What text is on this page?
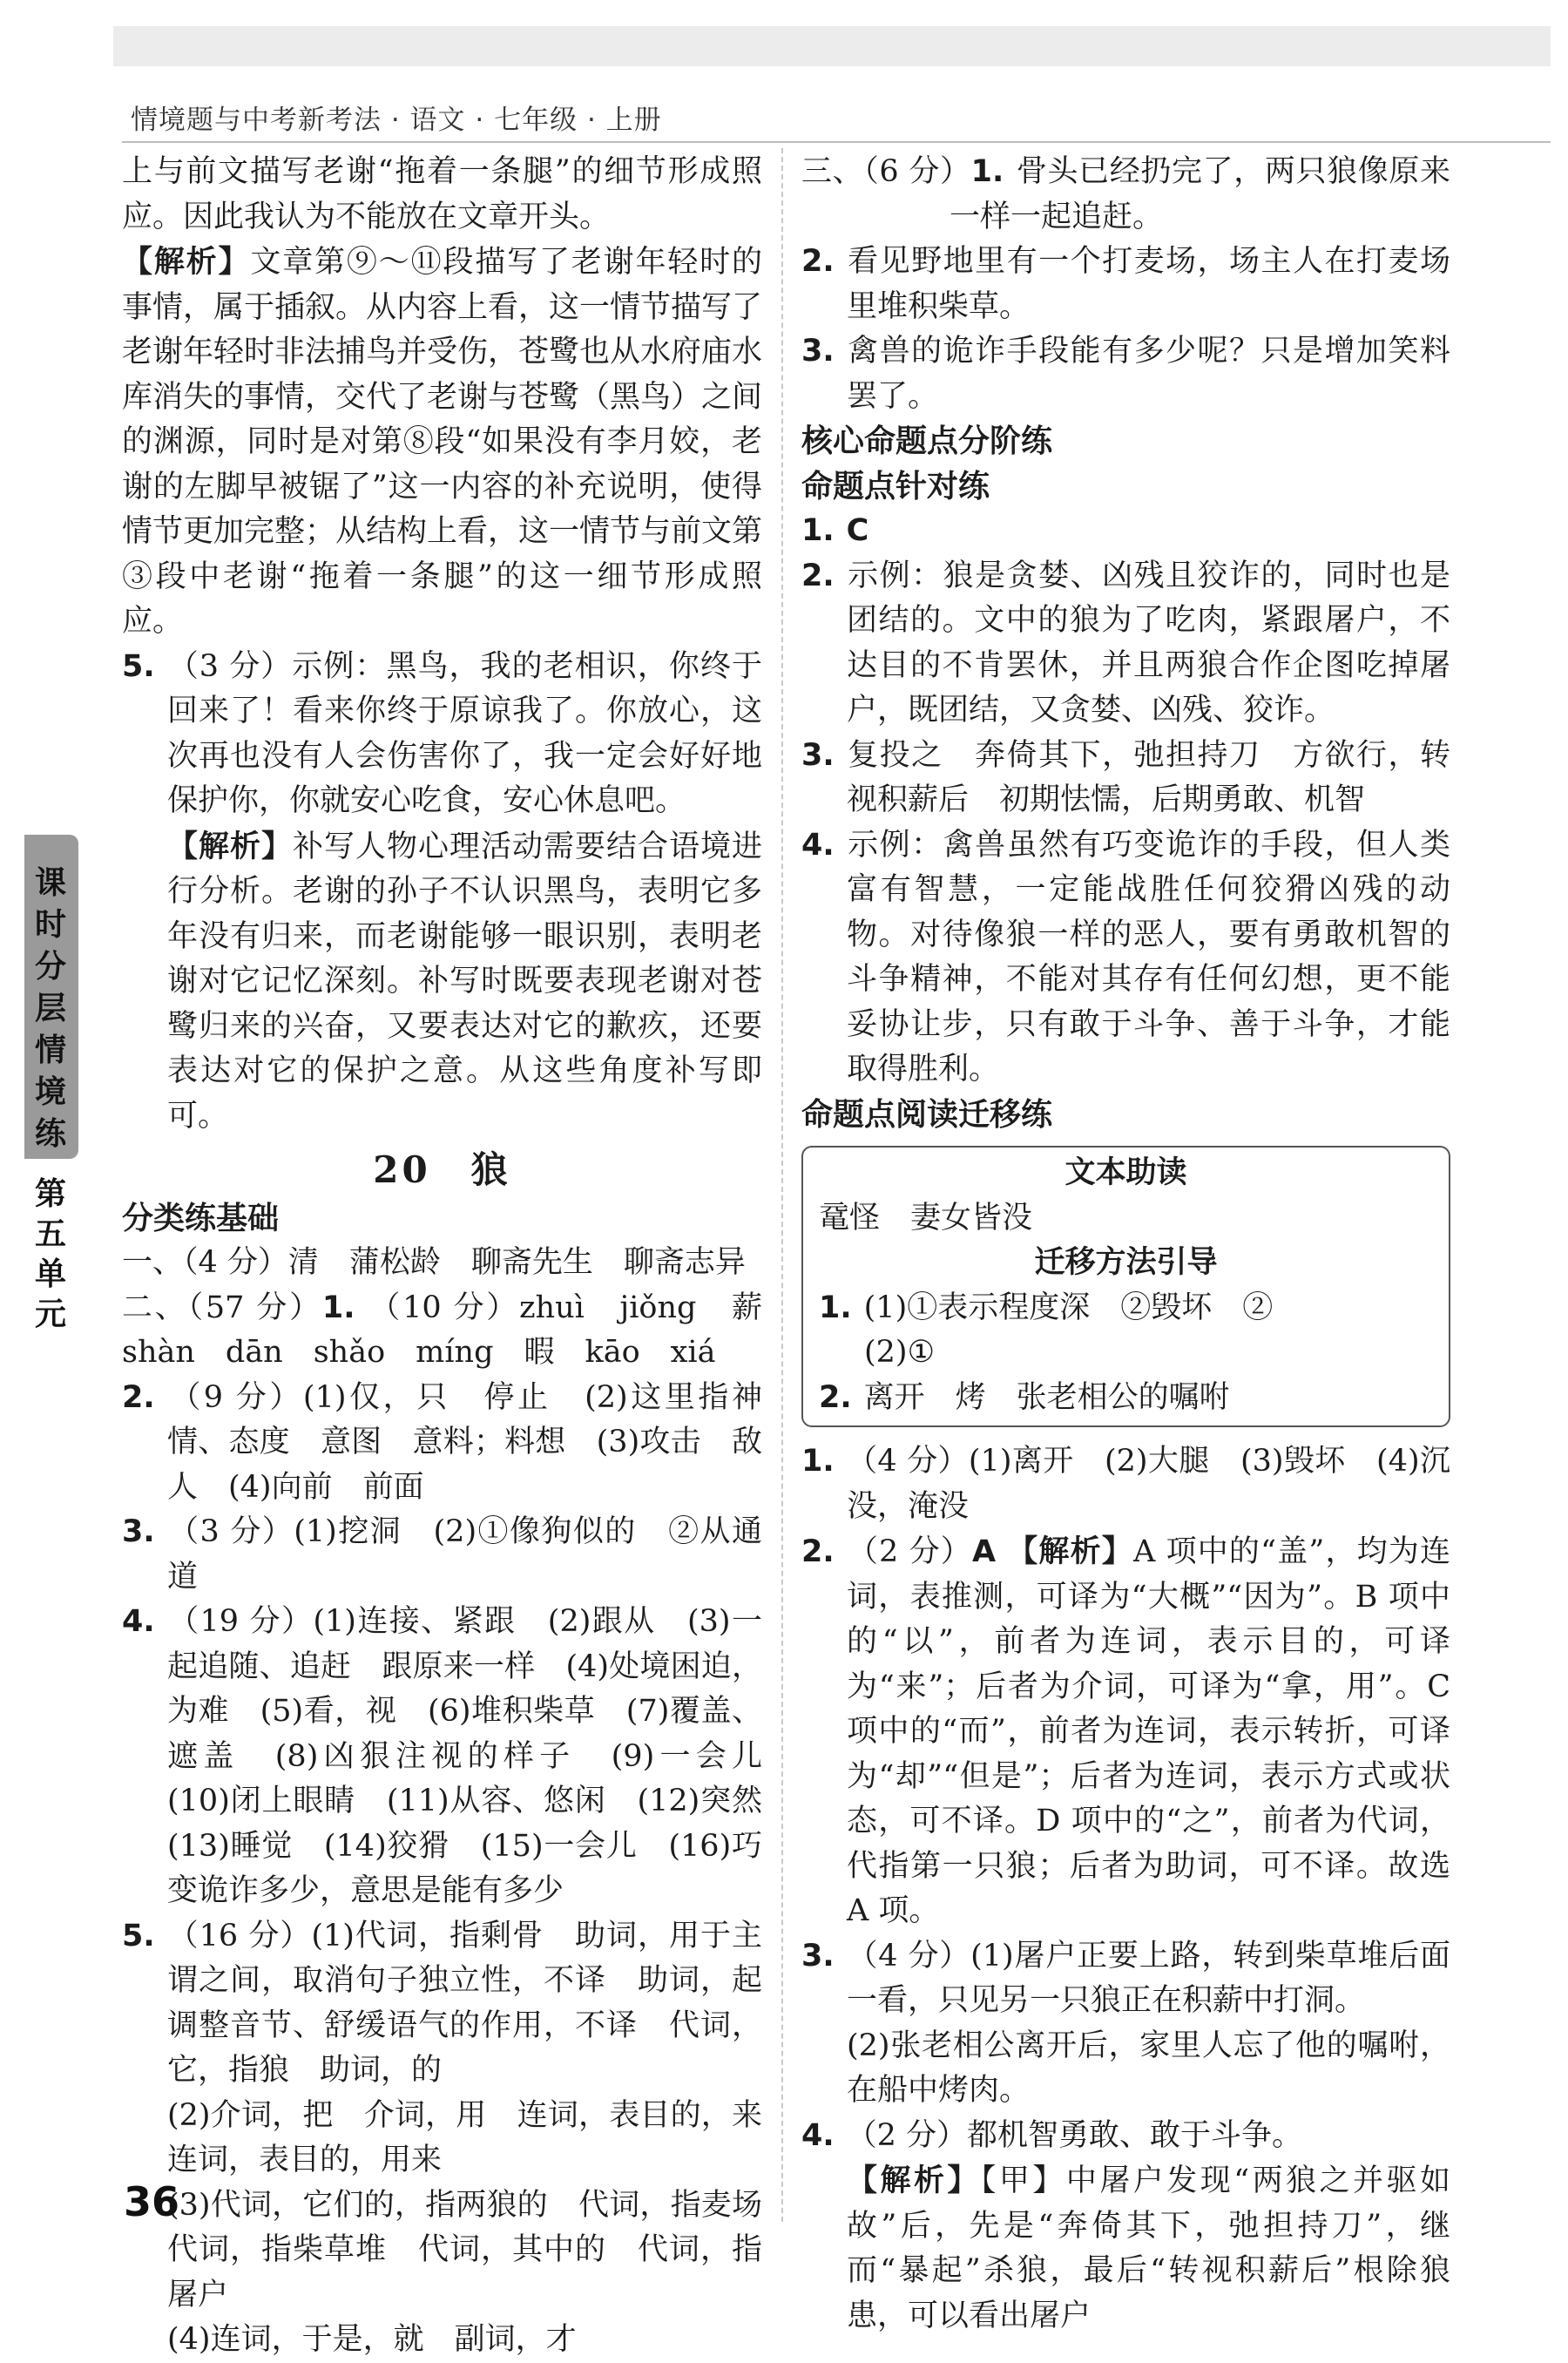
情境题与中考新考法 · 语文 · 七年级 · 上册

上与前文描写老谢“拖着一条腿”的细节形成照应。因此我认为不能放在文章开头。

【解析】文章第⑨～⑪段描写了老谢年轻时的事情，属于插叙。从内容上看，这一情节描写了老谢年轻时非法捕鸟并受伤，苍鹭也从水府庙水库消失的事情，交代了老谢与苍鹭（黑鸟）之间的渊源，同时是对第⑧段“如果没有李月姣，老谢的左脚早被锯了”这一内容的补充说明，使得情节更加完整；从结构上看，这一情节与前文第③段中老谢“拖着一条腿”的这一细节形成照应。

5. （3 分）示例：黑鸟，我的老相识，你终于回来了！看来你终于原谅我了。你放心，这次再也没有人会伤害你了，我一定会好好地保护你，你就安心吃食，安心休息吧。

【解析】补写人物心理活动需要结合语境进行分析。老谢的孙子不认识黑鸟，表明它多年没有归来，而老谢能够一眼识别，表明老谢对它记忆深刻。补写时既要表现老谢对苍鹭归来的兴奋，又要表达对它的歉疚，还要表达对它的保护之意。从这些角度补写即可。

20　狼

分类练基础

一、（4 分）清　蒲松龄　聊斋先生　聊斋志异

二、（57 分）1. （10 分）zhuì　jiǒng　薪　shàn　dān　shǎo　míng　暇　kāo　xiá

2. （9 分）(1)仅，只　停止　(2)这里指神情、态度　意图　意料；料想　(3)攻击　敌人　(4)向前　前面

3. （3 分）(1)挖洞　(2)①像狗似的　②从通道

4. （19 分）(1)连接、紧跟　(2)跟从　(3)一起追随、追赶　跟原来一样　(4)处境困迫，为难　(5)看，视　(6)堆积柴草　(7)覆盖、遮盖　(8)凶狠注视的样子　(9)一会儿　(10)闭上眼睛　(11)从容、悠闲　(12)突然　(13)睡觉　(14)狡猾　(15)一会儿　(16)巧变诡诈多少，意思是能有多少

5. （16 分）(1)代词，指剩骨　助词，用于主谓之间，取消句子独立性，不译　助词，起调整音节、舒缓语气的作用，不译　代词，它，指狼　助词，的

(2)介词，把　介词，用　连词，表目的，来　连词，表目的，用来

(3)代词，它们的，指两狼的　代词，指麦场　代词，指柴草堆　代词，其中的　代词，指屠户

(4)连词，于是，就　副词，才

三、（6 分）1. 骨头已经扔完了，两只狼像原来一样一起追赶。

2. 看见野地里有一个打麦场，场主人在打麦场里堆积柴草。

3. 禽兽的诡诈手段能有多少呢？只是增加笑料罢了。

核心命题点分阶练

命题点针对练

1. C

2. 示例：狼是贪婪、凶残且狡诈的，同时也是团结的。文中的狼为了吃肉，紧跟屠户，不达目的不肯罢休，并且两狼合作企图吃掉屠户，既团结，又贪婪、凶残、狡诈。

3. 复投之　奔倚其下，弛担持刀　方欲行，转视积薪后　初期怯懦，后期勇敢、机智

4. 示例：禽兽虽然有巧变诡诈的手段，但人类富有智慧，一定能战胜任何狡猾凶残的动物。对待像狼一样的恶人，要有勇敢机智的斗争精神，不能对其存有任何幻想，更不能妥协让步，只有敢于斗争、善于斗争，才能取得胜利。

命题点阅读迁移练

文本助读

鼋怪　妻女皆没

迁移方法引导

1. (1)①表示程度深　②毁坏　②

(2)①

2. 离开　烤　张老相公的嘱咐

1. （4 分）(1)离开　(2)大腿　(3)毁坏　(4)沉没，淹没

2. （2 分）A 【解析】A 项中的“盖”，均为连词，表推测，可译为“大概”“因为”。B 项中的“以”，前者为连词，表示目的，可译为“来”；后者为介词，可译为“拿，用”。C 项中的“而”，前者为连词，表示转折，可译为“却”“但是”；后者为连词，表示方式或状态，可不译。D 项中的“之”，前者为代词，代指第一只狼；后者为助词，可不译。故选 A 项。

3. （4 分）(1)屠户正要上路，转到柴草堆后面一看，只见另一只狼正在积薪中打洞。

(2)张老相公离开后，家里人忘了他的嘱咐，在船中烤肉。

4. （2 分）都机智勇敢、敢于斗争。

【解析】【甲】中屠户发现“两狼之并驱如故”后，先是“奔倚其下，弛担持刀”，继而“暴起”杀狼，最后“转视积薪后”根除狼患，可以看出屠户

课时分层情境练
第五单元
36
